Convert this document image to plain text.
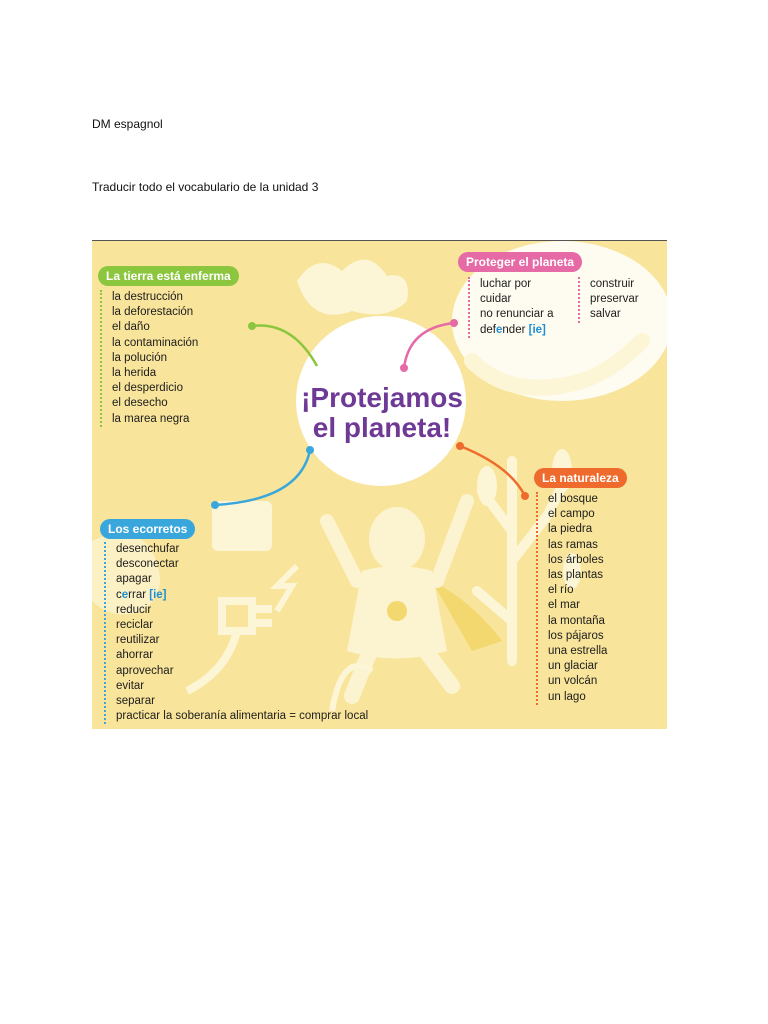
DM espagnol
Traducir todo el vocabulario de la unidad 3
¡Protejamos
el planeta!
La tierra está enferma
la destrucción
la deforestación
el daño
la contaminación
la polución
la herida
el desperdicio
el desecho
la marea negra
Proteger el planeta
luchar por
cuidar
no renunciar a
defender [ie]
construir
preservar
salvar
Los ecorretos
desenchufar
desconectar
apagar
cerrar [ie]
reducir
reciclar
reutilizar
ahorrar
aprovechar
evitar
separar
practicar la soberanía alimentaria = comprar local
La naturaleza
el bosque
el campo
la piedra
las ramas
los árboles
las plantas
el río
el mar
la montaña
los pájaros
una estrella
un glaciar
un volcán
un lago
